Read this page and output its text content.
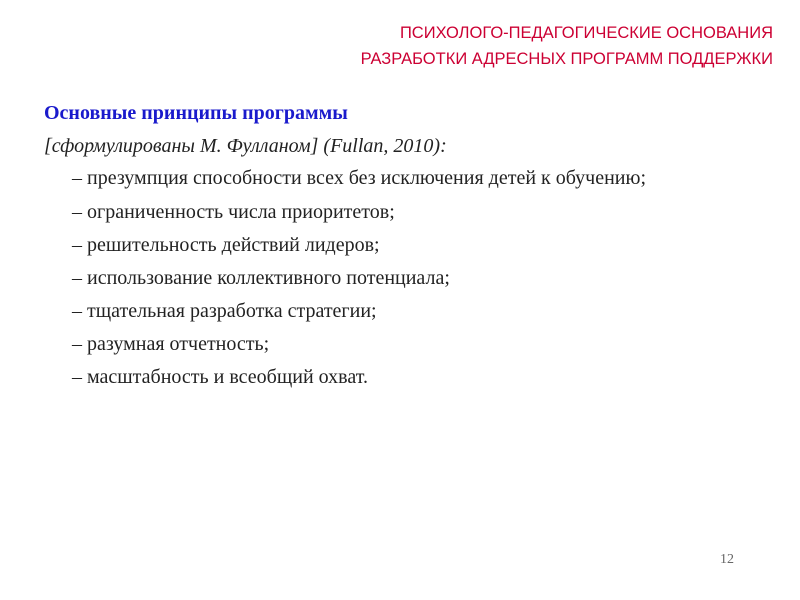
ПСИХОЛОГО-ПЕДАГОГИЧЕСКИЕ ОСНОВАНИЯ
РАЗРАБОТКИ АДРЕСНЫХ ПРОГРАММ ПОДДЕРЖКИ
Основные принципы программы
[сформулированы М. Фулланом] (Fullan, 2010):
– презумпция способности всех без исключения детей к обучению;
– ограниченность числа приоритетов;
– решительность действий лидеров;
– использование коллективного потенциала;
– тщательная разработка стратегии;
– разумная отчетность;
– масштабность и всеобщий охват.
12
